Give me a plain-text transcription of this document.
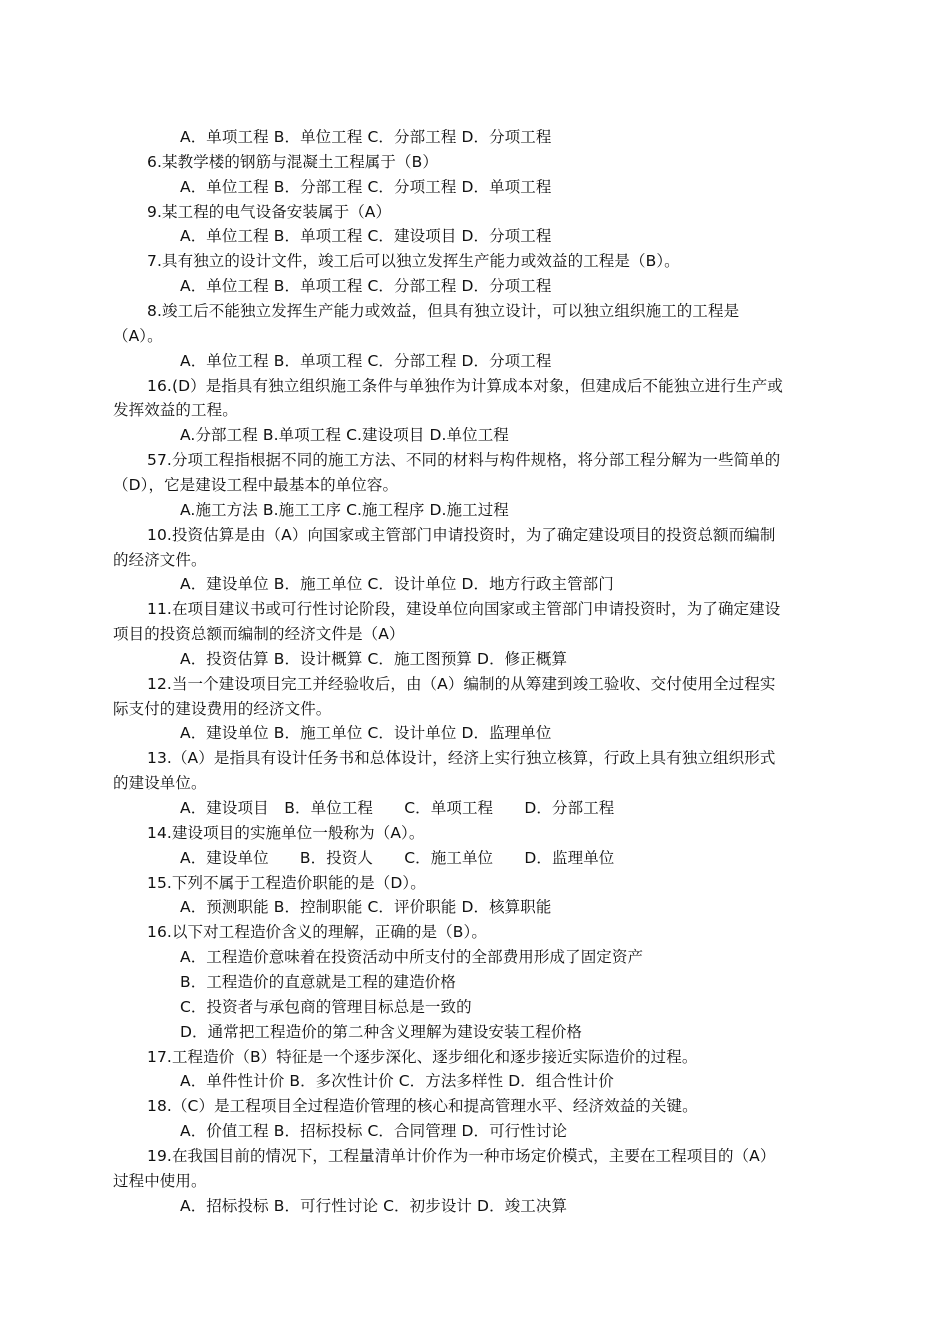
A．单项工程 B．单位工程 C．分部工程 D．分项工程
6.某教学楼的钢筋与混凝土工程属于（B）
A．单位工程 B．分部工程 C．分项工程 D．单项工程
9.某工程的电气设备安装属于（A）
A．单位工程 B．单项工程 C．建设项目 D．分项工程
7.具有独立的设计文件，竣工后可以独立发挥生产能力或效益的工程是（B）。
A．单位工程 B．单项工程 C．分部工程 D．分项工程
8.竣工后不能独立发挥生产能力或效益，但具有独立设计，可以独立组织施工的工程是
（A）。
A．单位工程 B．单项工程 C．分部工程 D．分项工程
16.(D）是指具有独立组织施工条件与单独作为计算成本对象，但建成后不能独立进行生产或
发挥效益的工程。
A.分部工程 B.单项工程 C.建设项目 D.单位工程
57.分项工程指根据不同的施工方法、不同的材料与构件规格，将分部工程分解为一些简单的
（D），它是建设工程中最基本的单位容。
A.施工方法 B.施工工序 C.施工程序 D.施工过程
10.投资估算是由（A）向国家或主管部门申请投资时，为了确定建设项目的投资总额而编制
的经济文件。
A．建设单位 B．施工单位 C．设计单位 D．地方行政主管部门
11.在项目建议书或可行性讨论阶段，建设单位向国家或主管部门申请投资时，为了确定建设
项目的投资总额而编制的经济文件是（A）
A．投资估算 B．设计概算 C．施工图预算 D．修正概算
12.当一个建设项目完工并经验收后，由（A）编制的从筹建到竣工验收、交付使用全过程实
际支付的建设费用的经济文件。
A．建设单位 B．施工单位 C．设计单位 D．监理单位
13.（A）是指具有设计任务书和总体设计，经济上实行独立核算，行政上具有独立组织形式
的建设单位。
A．建设项目　B．单位工程　　C．单项工程　　D．分部工程
14.建设项目的实施单位一般称为（A）。
A．建设单位　　B．投资人　　C．施工单位　　D．监理单位
15.下列不属于工程造价职能的是（D）。
A．预测职能 B．控制职能 C．评价职能 D．核算职能
16.以下对工程造价含义的理解，正确的是（B）。
A．工程造价意味着在投资活动中所支付的全部费用形成了固定资产
B．工程造价的直意就是工程的建造价格
C．投资者与承包商的管理目标总是一致的
D．通常把工程造价的第二种含义理解为建设安装工程价格
17.工程造价（B）特征是一个逐步深化、逐步细化和逐步接近实际造价的过程。
A．单件性计价 B．多次性计价 C．方法多样性 D．组合性计价
18.（C）是工程项目全过程造价管理的核心和提高管理水平、经济效益的关键。
A．价值工程 B．招标投标 C．合同管理 D．可行性讨论
19.在我国目前的情况下，工程量清单计价作为一种市场定价模式，主要在工程项目的（A）
过程中使用。
A．招标投标 B．可行性讨论 C．初步设计 D．竣工决算
